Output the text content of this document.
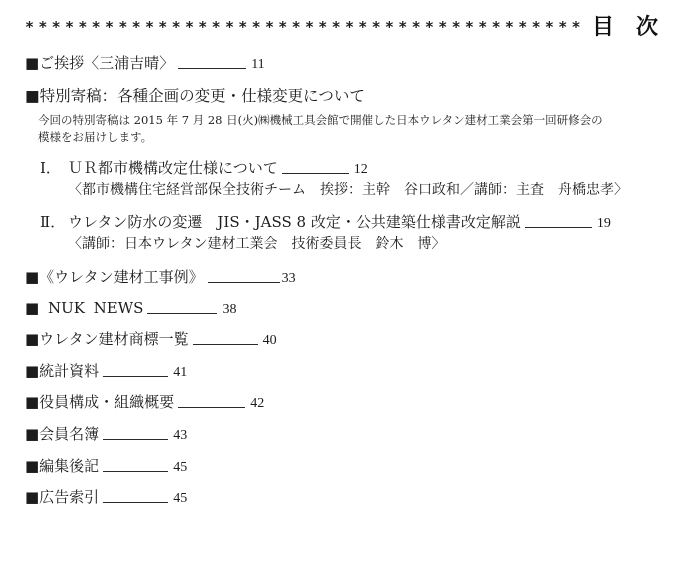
****************************************** 目　次
■ご挨拶〈三浦吉晴〉	11
■特別寄稿：各種企画の変更・仕様変更について
今回の特別寄稿は 2015 年 7 月 28 日(火)㈱機械工具会館で開催した日本ウレタン建材工業会第一回研修会の
模様をお届けします。
Ⅰ． ＵＲ都市機構改定仕様について	12
〈都市機構住宅経営部保全技術チーム　挨拶：主幹　谷口政和／講師：主査　舟橋忠孝〉
Ⅱ． ウレタン防水の変遷　JIS・JASS 8 改定・公共建築仕様書改定解説	19
〈講師：日本ウレタン建材工業会　技術委員長　鈴木　博〉
■《ウレタン建材工事例》	33
■ NUK NEWS	38
■ウレタン建材商標一覧	40
■統計資料	41
■役員構成・組織概要	42
■会員名簿	43
■編集後記	45
■広告索引	45
